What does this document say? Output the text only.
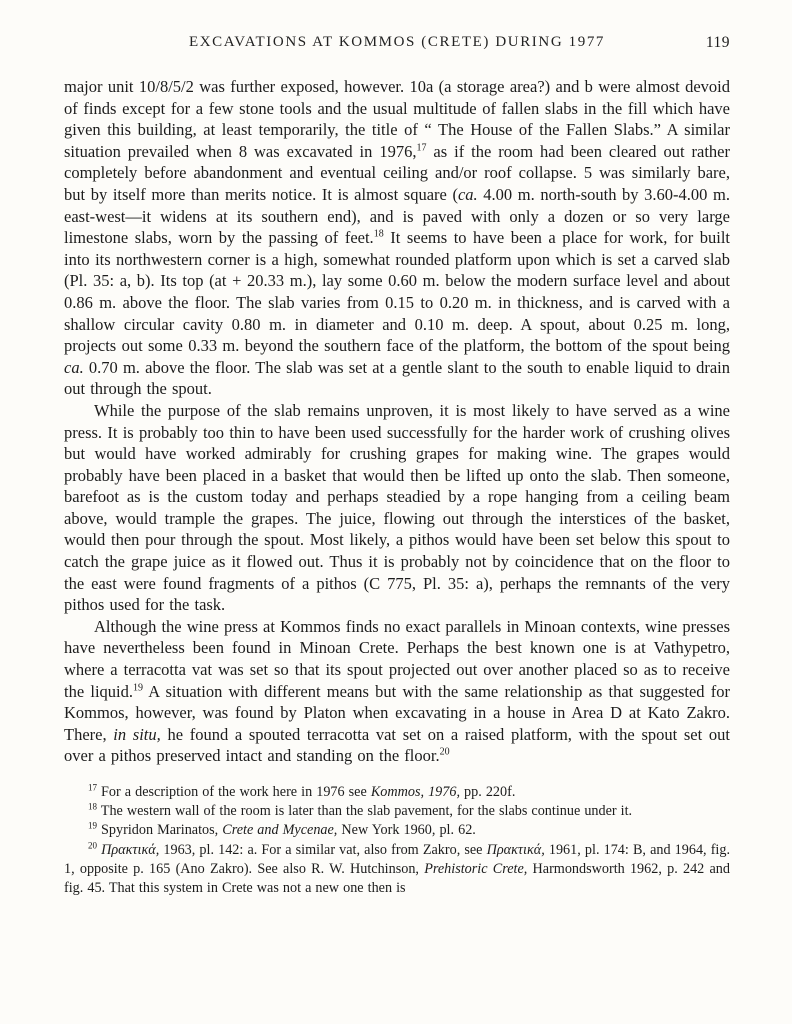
EXCAVATIONS AT KOMMOS (CRETE) DURING 1977	119

major unit 10/8/5/2 was further exposed, however. 10a (a storage area?) and b were almost devoid of finds except for a few stone tools and the usual multitude of fallen slabs in the fill which have given this building, at least temporarily, the title of “ The House of the Fallen Slabs.” A similar situation prevailed when 8 was excavated in 1976,17 as if the room had been cleared out rather completely before abandonment and eventual ceiling and/or roof collapse. 5 was similarly bare, but by itself more than merits notice. It is almost square (ca. 4.00 m. north-south by 3.60-4.00 m. east-west—it widens at its southern end), and is paved with only a dozen or so very large limestone slabs, worn by the passing of feet.$^{18}$ It seems to have been a place for work, for built into its northwestern corner is a high, somewhat rounded platform upon which is set a carved slab (Pl. 35: a, b). Its top (at + 20.33 m.), lay some 0.60 m. below the modern surface level and about 0.86 m. above the floor. The slab varies from 0.15 to 0.20 m. in thickness, and is carved with a shallow circular cavity 0.80 m. in diameter and 0.10 m. deep. A spout, about 0.25 m. long, projects out some 0.33 m. beyond the southern face of the platform, the bottom of the spout being ca. 0.70 m. above the floor. The slab was set at a gentle slant to the south to enable liquid to drain out through the spout.

While the purpose of the slab remains unproven, it is most likely to have served as a wine press. It is probably too thin to have been used successfully for the harder work of crushing olives but would have worked admirably for crushing grapes for making wine. The grapes would probably have been placed in a basket that would then be lifted up onto the slab. Then someone, barefoot as is the custom today and perhaps steadied by a rope hanging from a ceiling beam above, would trample the grapes. The juice, flowing out through the interstices of the basket, would then pour through the spout. Most likely, a pithos would have been set below this spout to catch the grape juice as it flowed out. Thus it is probably not by coincidence that on the floor to the east were found fragments of a pithos (C 775, Pl. 35: a), perhaps the remnants of the very pithos used for the task.

Although the wine press at Kommos finds no exact parallels in Minoan contexts, wine presses have nevertheless been found in Minoan Crete. Perhaps the best known one is at Vathypetro, where a terracotta vat was set so that its spout projected out over another placed so as to receive the liquid.$^{19}$ A situation with different means but with the same relationship as that suggested for Kommos, however, was found by Platon when excavating in a house in Area D at Kato Zakro. There, in situ, he found a spouted terracotta vat set on a raised platform, with the spout set out over a pithos preserved intact and standing on the floor.$^{20}$

$^{17}$ For a description of the work here in 1976 see Kommos, 1976, pp. 220f.

$^{18}$ The western wall of the room is later than the slab pavement, for the slabs continue under it.

$^{19}$ Spyridon Marinatos, Crete and Mycenae, New York 1960, pl. 62.

$^{20}$ Πρακτικά, 1963, pl. 142: a. For a similar vat, also from Zakro, see Πρακτικά, 1961, pl. 174: B, and 1964, fig. 1, opposite p. 165 (Ano Zakro). See also R. W. Hutchinson, Prehistoric Crete, Harmondsworth 1962, p. 242 and fig. 45. That this system in Crete was not a new one then is
